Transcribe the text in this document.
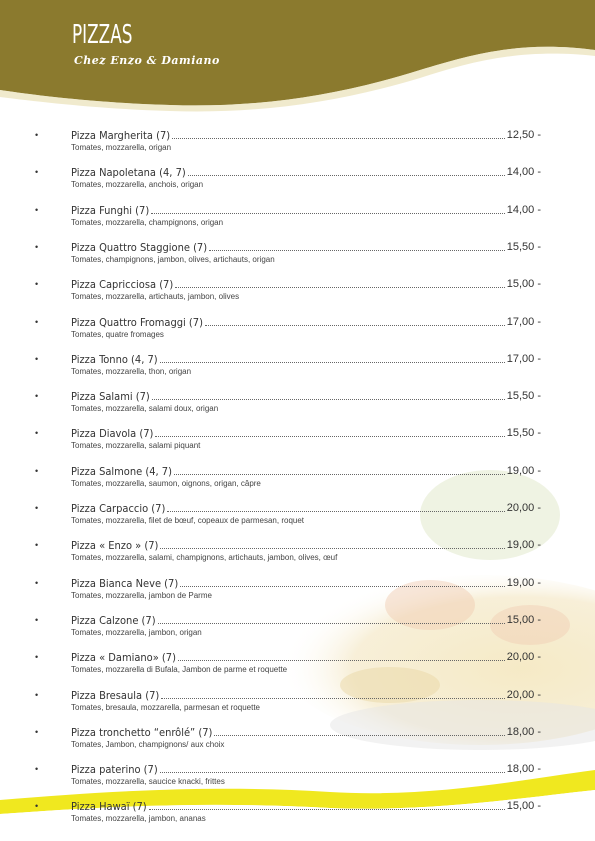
PIZZAS
Chez Enzo & Damiano
•	Pizza Margherita (7)	12,50 -
Tomates, mozzarella, origan
•	Pizza Napoletana (4, 7)	14,00 -
Tomates, mozzarella, anchois, origan
•	Pizza Funghi (7)	14,00 -
Tomates, mozzarella, champignons, origan
•	Pizza Quattro Staggione (7)	15,50 -
Tomates, champignons, jambon, olives, artichauts, origan
•	Pizza Capricciosa (7)	15,00 -
Tomates, mozzarella, artichauts, jambon, olives
•	Pizza Quattro Fromaggi (7)	17,00 -
Tomates, quatre fromages
•	Pizza Tonno (4, 7)	17,00 -
Tomates, mozzarella, thon, origan
•	Pizza Salami (7)	15,50 -
Tomates, mozzarella, salami doux, origan
•	Pizza Diavola (7)	15,50 -
Tomates, mozzarella, salami piquant
•	Pizza Salmone (4, 7)	19,00 -
Tomates, mozzarella, saumon, oignons, origan, câpre
•	Pizza Carpaccio (7)	20,00 -
Tomates, mozzarella, filet de bœuf, copeaux de parmesan, roquet
•	Pizza « Enzo » (7)	19,00 -
Tomates, mozzarella, salami, champignons, artichauts, jambon, olives, œuf
•	Pizza Bianca Neve (7)	19,00 -
Tomates, mozzarella, jambon de Parme
•	Pizza Calzone (7)	15,00 -
Tomates, mozzarella, jambon, origan
•	Pizza « Damiano» (7)	20,00 -
Tomates, mozzarella di Bufala, Jambon de parme et roquette
•	Pizza Bresaula (7)	20,00 -
Tomates, bresaula, mozzarella, parmesan et roquette
•	Pizza tronchetto “enrôlé” (7)	18,00 -
Tomates, Jambon, champignons/ aux choix
•	Pizza paterino (7)	18,00 -
Tomates, mozzarella, saucice knacki, frittes
•	Pizza Hawaï (7)	15,00 -
Tomates, mozzarella, jambon, ananas
